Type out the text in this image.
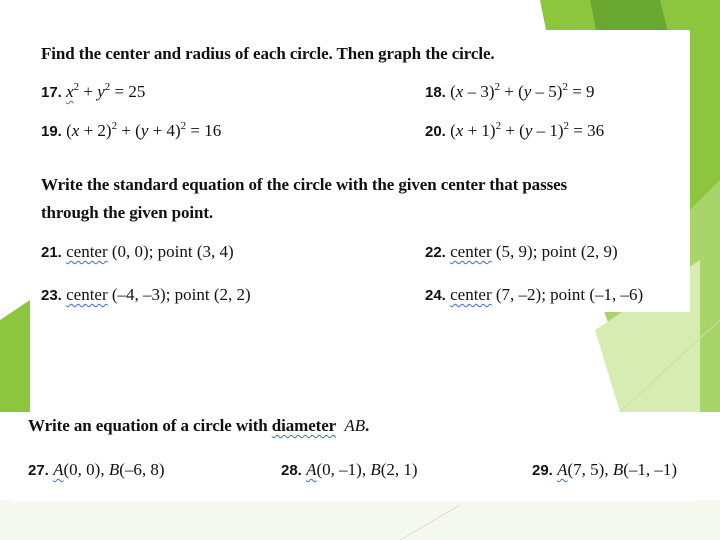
Find the center and radius of each circle. Then graph the circle.
17. $x^2 + y^2 = 25$	18. (x – 3)$^2$ + (y – 5)$^2$ = 9
19. $(x + 2)^2 + (y + 4)^2 = 16$	20. $(x + 1)^2 + (y - 1)^2 = 36$
Write the standard equation of the circle with the given center that passes
through the given point.
21. center (0, 0); point (3, 4)	22. center (5, 9); point (2, 9)
23. center (–4, –3); point (2, 2)	24. center (7, –2); point (–1, –6)
Write an equation of a circle with diameter AB.
27. A(0, 0), B(–6, 8)	28. A(0, –1), B(2, 1)	29. A(7, 5), B(–1, –1)
